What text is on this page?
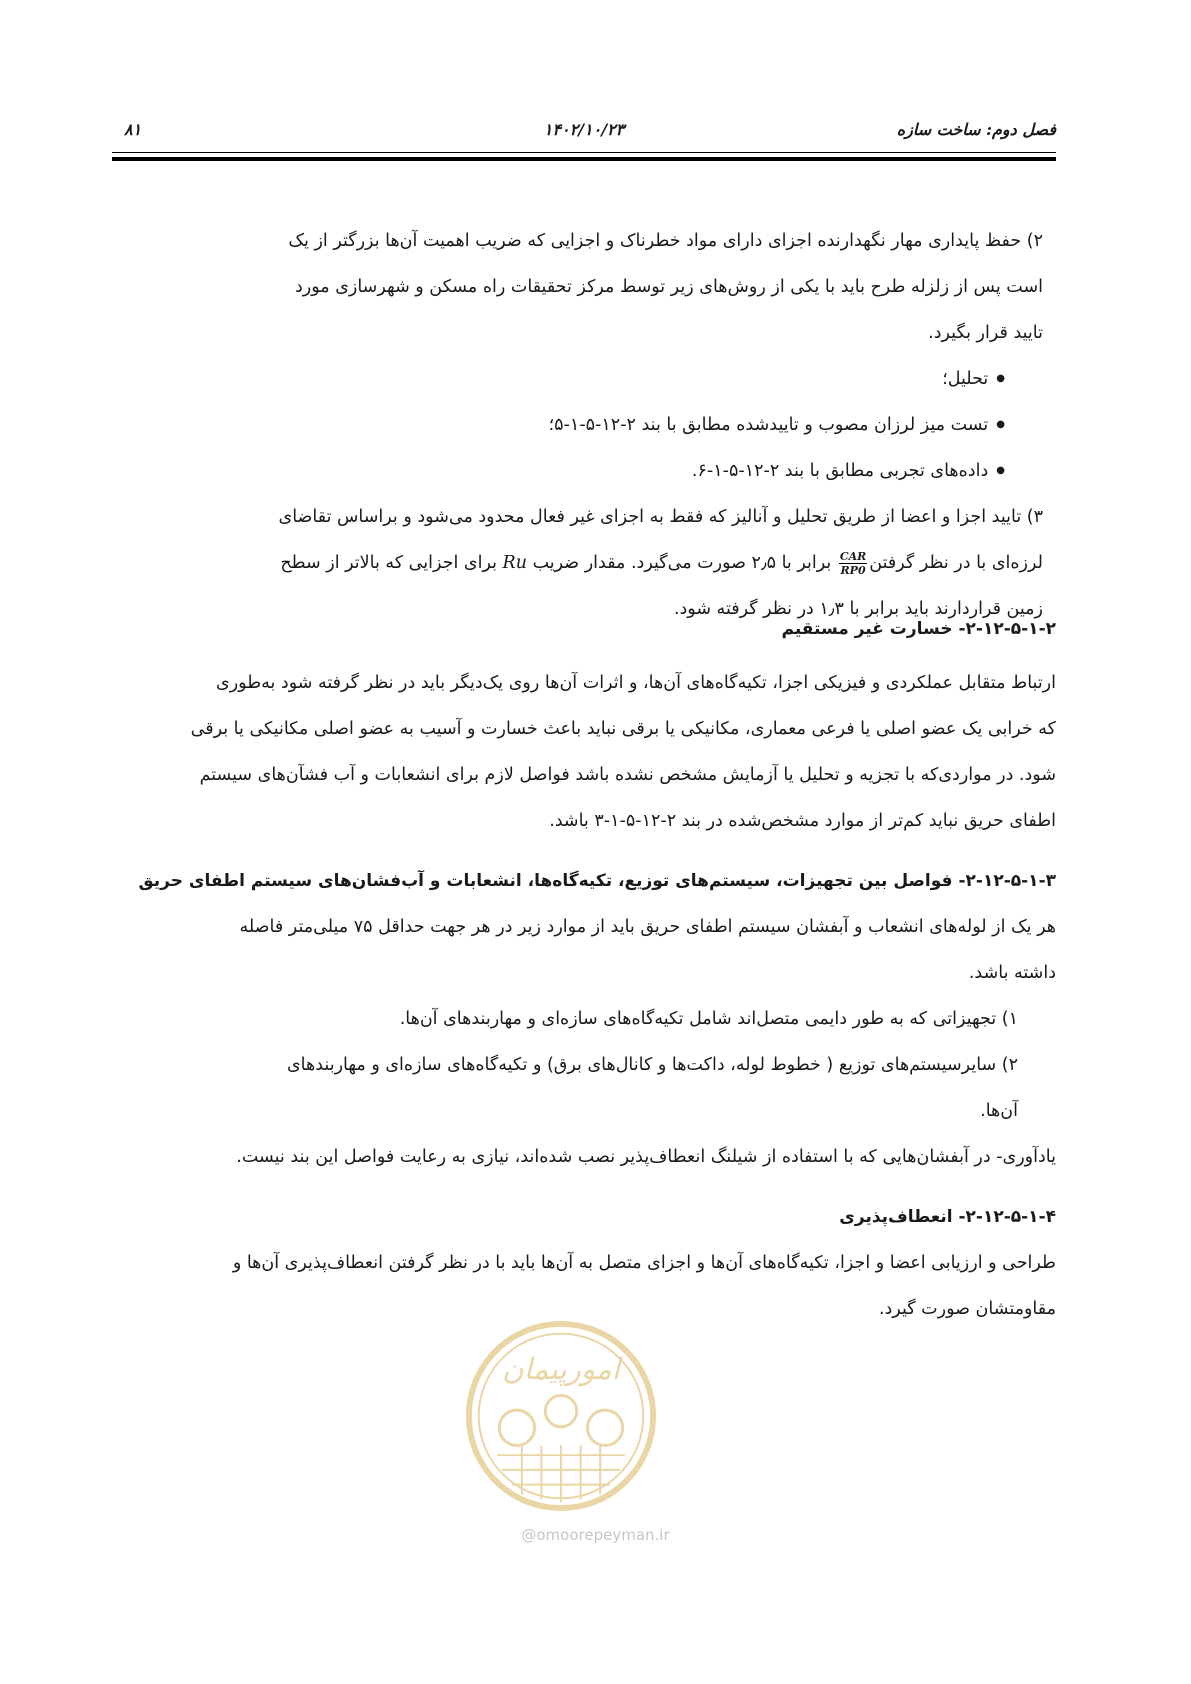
فصل دوم: ساخت سازه
۱۴۰۲/۱۰/۲۳
۸۱

۲) حفظ پایداری مهار نگهدارنده اجزای دارای مواد خطرناک و اجزایی که ضریب اهمیت آن‌ها بزرگتر از یک

است پس از زلزله طرح باید با یکی از روش‌های زیر توسط مرکز تحقیقات راه مسکن و شهرسازی مورد

تایید قرار بگیرد.

● تحلیل؛
● تست میز لرزان مصوب و تاییدشده مطابق با بند ۲-۱۲-۵-۱-۵؛
● داده‌های تجربی مطابق با بند ۲-۱۲-۵-۱-۶.

۳) تایید اجزا و اعضا از طریق تحلیل و آنالیز که فقط به اجزای غیر فعال محدود می‌شود و براساس تقاضای

لرزه‌ای با در نظر گرفتن
$\frac{\text{CAR}}{RP0}$
برابر با ۲٫۵ صورت می‌گیرد. مقدار ضریب Ru برای اجزایی که بالاتر از سطح

زمین قراردارند باید برابر با ۱٫۳ در نظر گرفته شود.

۲-۱۲-۵-۱-۲- خسارت غیر مستقیم

ارتباط متقابل عملکردی و فیزیکی اجزا، تکیه‌گاه‌های آن‌ها، و اثرات آن‌ها روی یک‌دیگر باید در نظر گرفته شود به‌طوری

که خرابی یک عضو اصلی یا فرعی معماری، مکانیکی یا برقی نباید باعث خسارت و آسیب به عضو اصلی مکانیکی یا برقی

شود. در مواردی‌که با تجزیه و تحلیل یا آزمایش مشخص نشده باشد فواصل لازم برای انشعابات و آب فشآن‌های سیستم

اطفای حریق نباید کم‌تر از موارد مشخص‌شده در بند ۲-۱۲-۵-۱-۳ باشد.

۲-۱۲-۵-۱-۳- فواصل بین تجهیزات، سیستم‌های توزیع، تکیه‌گاه‌ها، انشعابات و آب‌فشان‌های سیستم اطفای حریق

هر یک از لوله‌های انشعاب و آبفشان سیستم اطفای حریق باید از موارد زیر در هر جهت حداقل ۷۵ میلی‌متر فاصله

داشته باشد.

۱) تجهیزاتی که به طور دایمی متصل‌اند شامل تکیه‌گاه‌های سازه‌ای و مهاربندهای آن‌ها.

۲) سایرسیستم‌های توزیع ( خطوط لوله، داکت‌ها و کانال‌های برق) و تکیه‌گاه‌های سازه‌ای و مهاربندهای

آن‌ها.

یادآوری- در آبفشان‌هایی که با استفاده از شیلنگ انعطاف‌پذیر نصب شده‌اند، نیازی به رعایت فواصل این بند نیست.

۲-۱۲-۵-۱-۴- انعطاف‌پذیری

طراحی و ارزیابی اعضا و اجزا، تکیه‌گاه‌های آن‌ها و اجزای متصل به آن‌ها باید با در نظر گرفتن انعطاف‌پذیری آن‌ها و

مقاومتشان صورت گیرد.

امورپیمان
@omoorepeyman.ir
